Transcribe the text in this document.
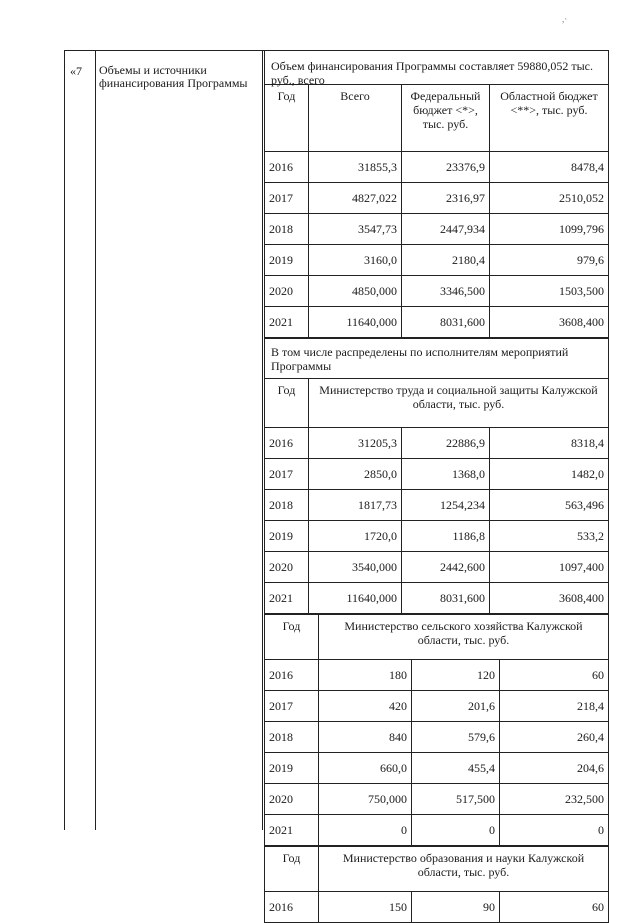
,·
«7	Объемы и источники финансирования Программы
Объем финансирования Программы составляет 59880,052 тыс. руб., всего
Год	Всего	Федеральный бюджет <*>, тыс. руб.	Областной бюджет <**>, тыс. руб.
2016	31855,3	23376,9	8478,4
2017	4827,022	2316,97	2510,052
2018	3547,73	2447,934	1099,796
2019	3160,0	2180,4	979,6
2020	4850,000	3346,500	1503,500
2021	11640,000	8031,600	3608,400
В том числе распределены по исполнителям мероприятий Программы
Год	Министерство труда и социальной защиты Калужской области, тыс. руб.		
2016	31205,3	22886,9	8318,4
2017	2850,0	1368,0	1482,0
2018	1817,73	1254,234	563,496
2019	1720,0	1186,8	533,2
2020	3540,000	2442,600	1097,400
2021	11640,000	8031,600	3608,400
Год	Министерство сельского хозяйства Калужской области, тыс. руб.		
2016	180	120	60
2017	420	201,6	218,4
2018	840	579,6	260,4
2019	660,0	455,4	204,6
2020	750,000	517,500	232,500
2021	0	0	0
Год	Министерство образования и науки Калужской области, тыс. руб.		
2016	150	90	60
